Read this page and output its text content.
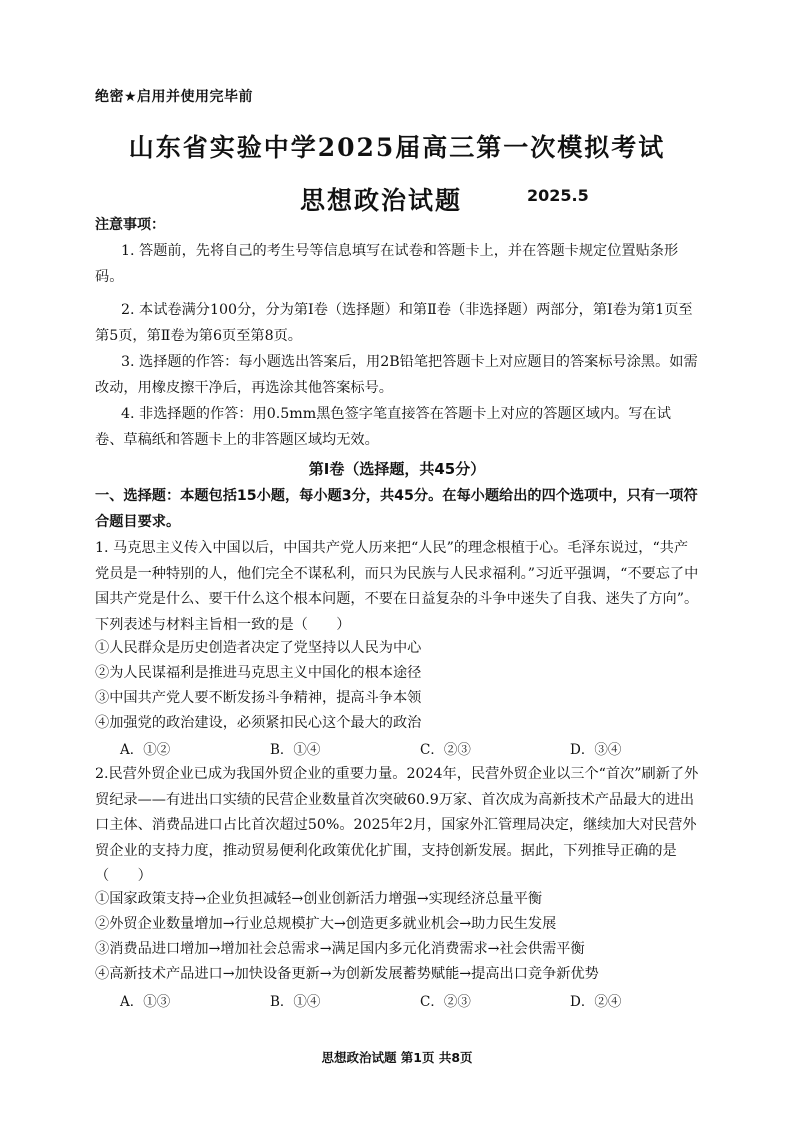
绝密★启用并使用完毕前
山东省实验中学2025届高三第一次模拟考试
思想政治试题	2025.5
注意事项：

1. 答题前，先将自己的考生号等信息填写在试卷和答题卡上，并在答题卡规定位置贴条形码。

2. 本试卷满分100分，分为第Ⅰ卷（选择题）和第Ⅱ卷（非选择题）两部分，第Ⅰ卷为第1页至第5页，第Ⅱ卷为第6页至第8页。

3. 选择题的作答：每小题选出答案后，用2B铅笔把答题卡上对应题目的答案标号涂黑。如需改动，用橡皮擦干净后，再选涂其他答案标号。

4. 非选择题的作答：用0.5mm黑色签字笔直接答在答题卡上对应的答题区域内。写在试卷、草稿纸和答题卡上的非答题区域均无效。

第Ⅰ卷（选择题，共45分）
一、选择题：本题包括15小题，每小题3分，共45分。在每小题给出的四个选项中，只有一项符合题目要求。

1. 马克思主义传入中国以后，中国共产党人历来把“人民”的理念根植于心。毛泽东说过，“共产党员是一种特别的人，他们完全不谋私利，而只为民族与人民求福利。”习近平强调，“不要忘了中国共产党是什么、要干什么这个根本问题，不要在日益复杂的斗争中迷失了自我、迷失了方向”。下列表述与材料主旨相一致的是（　　）

①人民群众是历史创造者决定了党坚持以人民为中心
②为人民谋福利是推进马克思主义中国化的根本途径
③中国共产党人要不断发扬斗争精神，提高斗争本领
④加强党的政治建设，必须紧扣民心这个最大的政治
A．①②	B．①④	C．②③	D．③④

2.民营外贸企业已成为我国外贸企业的重要力量。2024年，民营外贸企业以三个“首次”刷新了外贸纪录——有进出口实绩的民营企业数量首次突破60.9万家、首次成为高新技术产品最大的进出口主体、消费品进口占比首次超过50%。2025年2月，国家外汇管理局决定，继续加大对民营外贸企业的支持力度，推动贸易便利化政策优化扩围，支持创新发展。据此，下列推导正确的是（　　）

①国家政策支持→企业负担减轻→创业创新活力增强→实现经济总量平衡
②外贸企业数量增加→行业总规模扩大→创造更多就业机会→助力民生发展
③消费品进口增加→增加社会总需求→满足国内多元化消费需求→社会供需平衡
④高新技术产品进口→加快设备更新→为创新发展蓄势赋能→提高出口竞争新优势
A．①③	B．①④	C．②③	D．②④
思想政治试题 第1页 共8页
